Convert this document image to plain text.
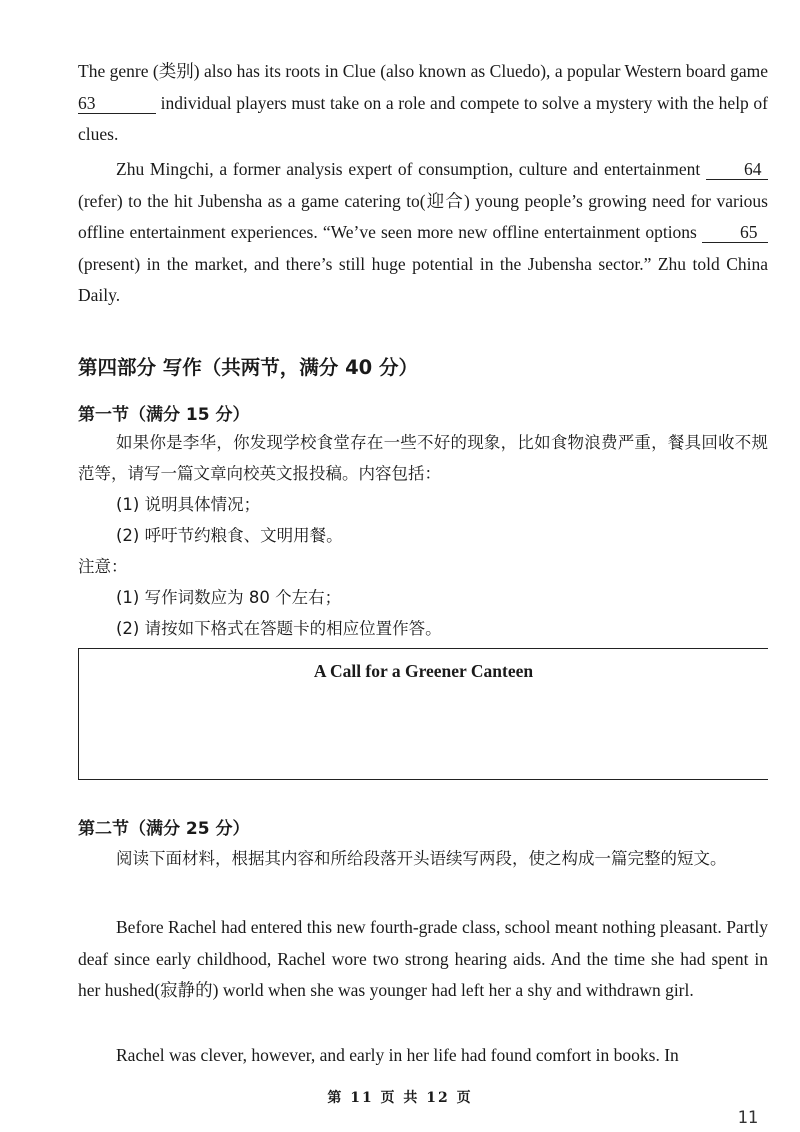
The genre (类别) also has its roots in Clue (also known as Cluedo), a popular Western board game 63	individual players must take on a role and compete to solve a mystery with the help of clues.

Zhu Mingchi, a former analysis expert of consumption, culture and entertainment	64(refer) to the hit Jubensha as a game catering to(迎合) young people’s growing need for various offline entertainment experiences. “We’ve seen more new offline entertainment options 65(present) in the market, and there’s still huge potential in the Jubensha sector.” Zhu told China Daily.

第四部分 写作（共两节，满分 40 分）
第一节（满分 15 分）

如果你是李华，你发现学校食堂存在一些不好的现象，比如食物浪费严重，餐具回收不规范等，请写一篇文章向校英文报投稿。内容包括：

(1) 说明具体情况；

(2) 呼吁节约粮食、文明用餐。

注意：

(1) 写作词数应为 80 个左右；

(2) 请按如下格式在答题卡的相应位置作答。

A Call for a Greener Canteen
第二节（满分 25 分）

阅读下面材料，根据其内容和所给段落开头语续写两段，使之构成一篇完整的短文。

Before Rachel had entered this new fourth-grade class, school meant nothing pleasant. Partly deaf since early childhood, Rachel wore two strong hearing aids. And the time she had spent in her hushed(寂静的) world when she was younger had left her a shy and withdrawn girl.

Rachel was clever, however, and early in her life had found comfort in books. In

第 11 页 共 12 页
11
